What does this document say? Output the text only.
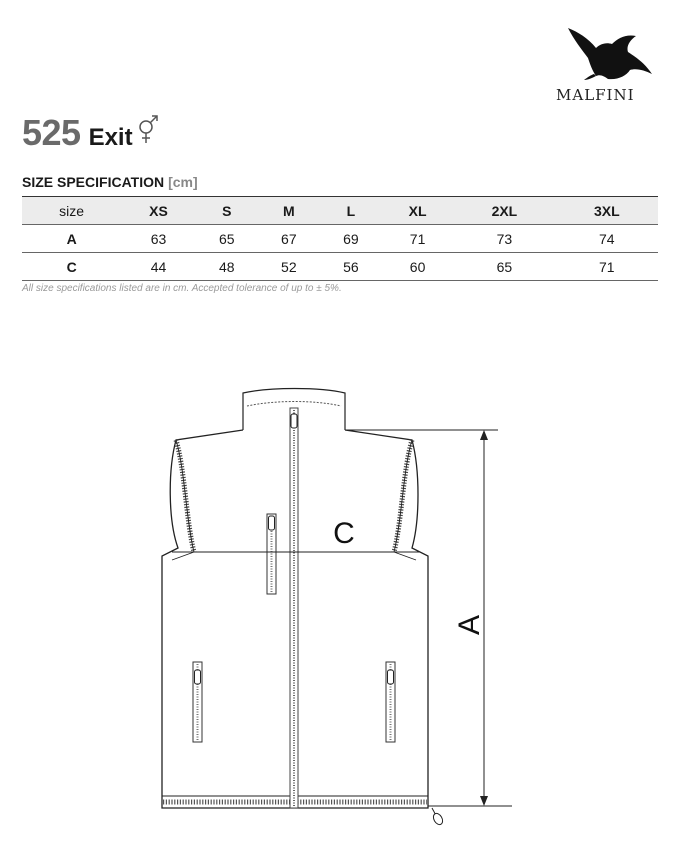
MALFINI
525 Exit
SIZE SPECIFICATION [cm]
size	XS	S	M	L	XL	2XL	3XL
A	63	65	67	69	71	73	74
C	44	48	52	56	60	65	71
All size specifications listed are in cm. Accepted tolerance of up to ± 5%.
C
A
